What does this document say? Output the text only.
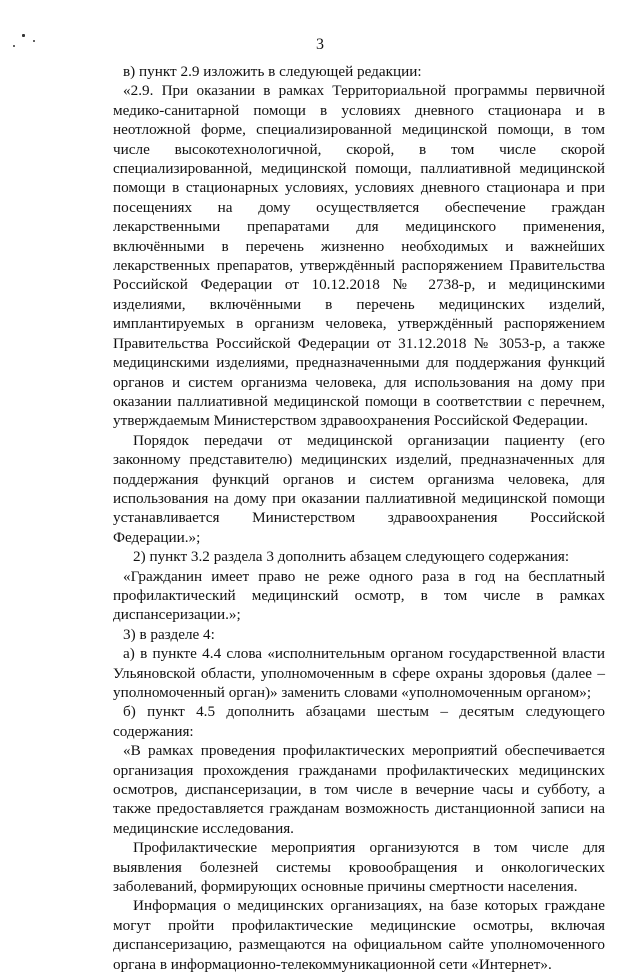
3

в) пункт 2.9 изложить в следующей редакции:

«2.9. При оказании в рамках Территориальной программы первичной медико-санитарной помощи в условиях дневного стационара и в неотложной форме, специализированной медицинской помощи, в том числе высокотехнологичной, скорой, в том числе скорой специализированной, медицинской помощи, паллиативной медицинской помощи в стационарных условиях, условиях дневного стационара и при посещениях на дому осуществляется обеспечение граждан лекарственными препаратами для медицинского применения, включёнными в перечень жизненно необходимых и важнейших лекарственных препаратов, утверждённый распоряжением Правительства Российской Федерации от 10.12.2018 № 2738-р, и медицинскими изделиями, включёнными в перечень медицинских изделий, имплантируемых в организм человека, утверждённый распоряжением Правительства Российской Федерации от 31.12.2018 № 3053-р, а также медицинскими изделиями, предназначенными для поддержания функций органов и систем организма человека, для использования на дому при оказании паллиативной медицинской помощи в соответствии с перечнем, утверждаемым Министерством здравоохранения Российской Федерации.

Порядок передачи от медицинской организации пациенту (его законному представителю) медицинских изделий, предназначенных для поддержания функций органов и систем организма человека, для использования на дому при оказании паллиативной медицинской помощи устанавливается Министерством здравоохранения Российской Федерации.»;

2) пункт 3.2 раздела 3 дополнить абзацем следующего содержания:

«Гражданин имеет право не реже одного раза в год на бесплатный профилактический медицинский осмотр, в том числе в рамках диспансеризации.»;

3) в разделе 4:

а) в пункте 4.4 слова «исполнительным органом государственной власти Ульяновской области, уполномоченным в сфере охраны здоровья (далее – уполномоченный орган)» заменить словами «уполномоченным органом»;

б) пункт 4.5 дополнить абзацами шестым – десятым следующего содержания:

«В рамках проведения профилактических мероприятий обеспечивается организация прохождения гражданами профилактических медицинских осмотров, диспансеризации, в том числе в вечерние часы и субботу, а также предоставляется гражданам возможность дистанционной записи на медицинские исследования.

Профилактические мероприятия организуются в том числе для выявления болезней системы кровообращения и онкологических заболеваний, формирующих основные причины смертности населения.

Информация о медицинских организациях, на базе которых граждане могут пройти профилактические медицинские осмотры, включая диспансеризацию, размещаются на официальном сайте уполномоченного органа в информационно-телекоммуникационной сети «Интернет».
